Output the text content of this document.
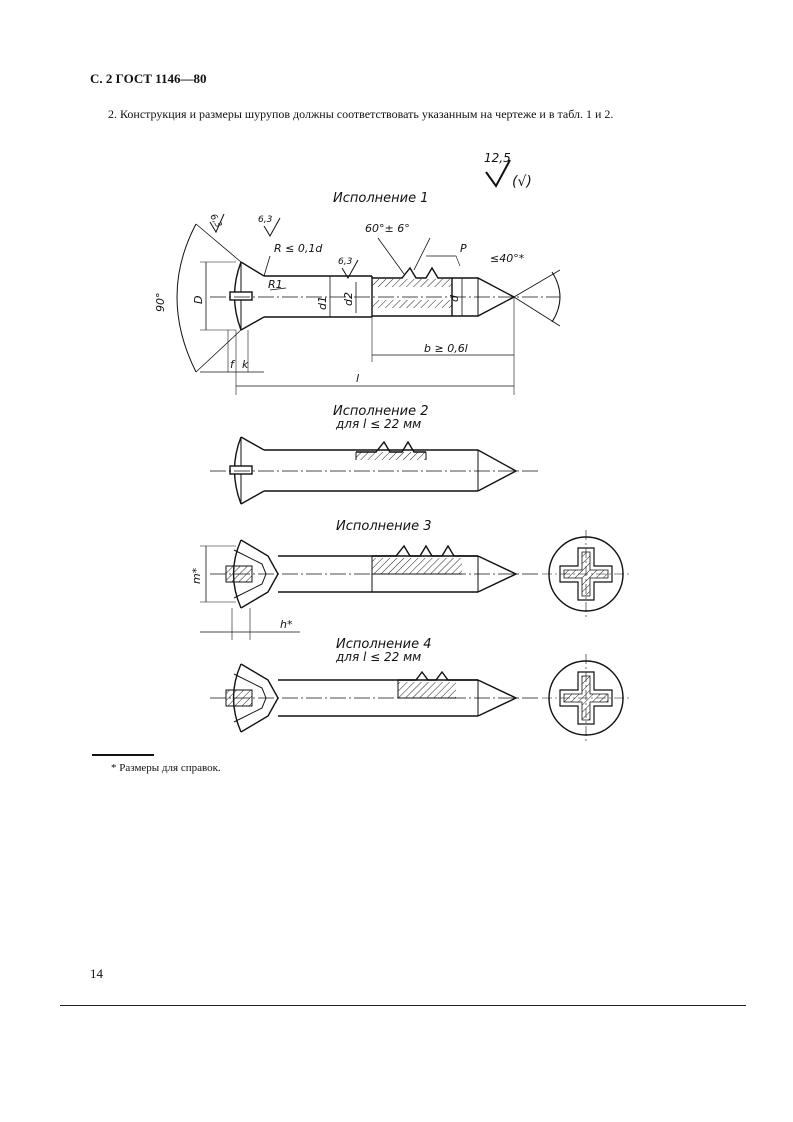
С. 2 ГОСТ 1146—80
2. Конструкция и размеры шурупов должны соответствовать указанным на чертеже и в табл. 1 и 2.
12,5
(√)
Исполнение 1
90°
60°± 6°
≤40°*
6,3	6,3
6,3
R ≤ 0,1d
R1
P
D	d1 d2	d
f k
b ≥ 0,6l
l
Исполнение 2
для l ≤ 22 мм
Исполнение 3
m*
h*
Исполнение 4
для l ≤ 22 мм
* Размеры для справок.
14
